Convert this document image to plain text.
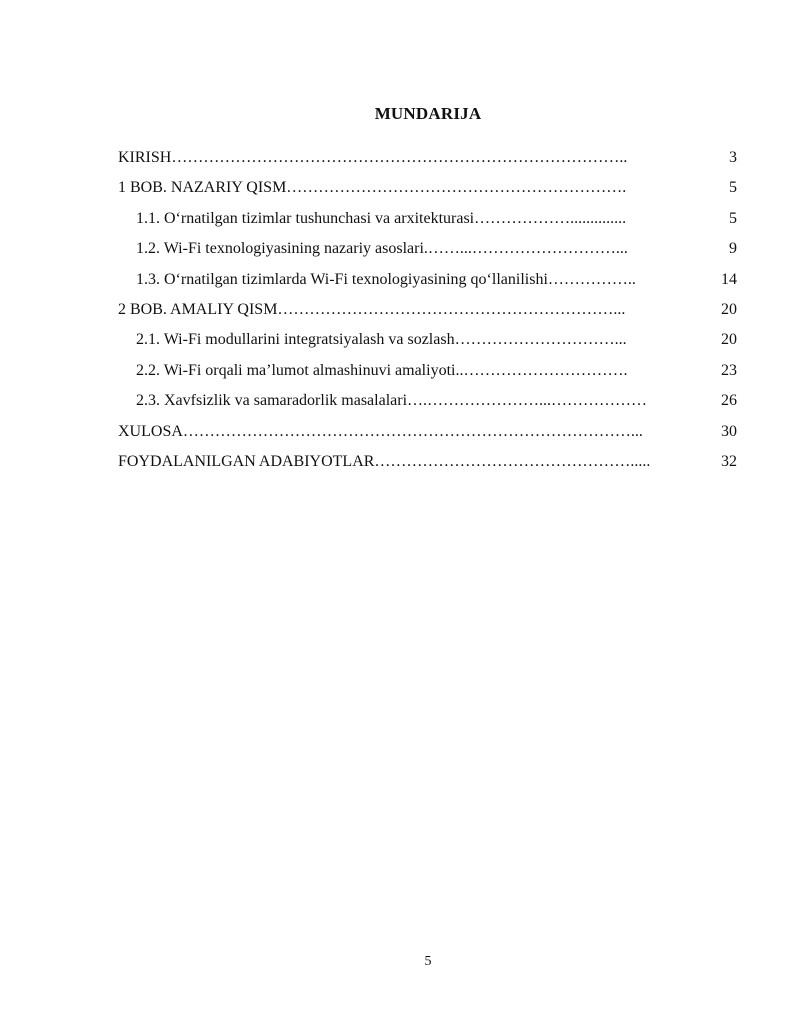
MUNDARIJA
KIRISH…………………………………………………………………………..	3
1 BOB. NAZARIY QISM……………………………………………………….	5
1.1. O‘rnatilgan tizimlar tushunchasi va arxitekturasi………………..............	5
1.2. Wi-Fi texnologiyasining nazariy asoslari.……...………………………...	9
1.3. O‘rnatilgan tizimlarda Wi-Fi texnologiyasining qo‘llanilishi……………..	14
2 BOB. AMALIY QISM………………………………………………………...	20
2.1. Wi-Fi modullarini integratsiyalash va sozlash…………………………...	20
2.2. Wi-Fi orqali ma’lumot almashinuvi amaliyoti..………………………….	23
2.3. Xavfsizlik va samaradorlik masalalari….…………………...………………	26
XULOSA…………………………………………………………………………...	30
FOYDALANILGAN ADABIYOTLAR………………………………………….....	32
5
